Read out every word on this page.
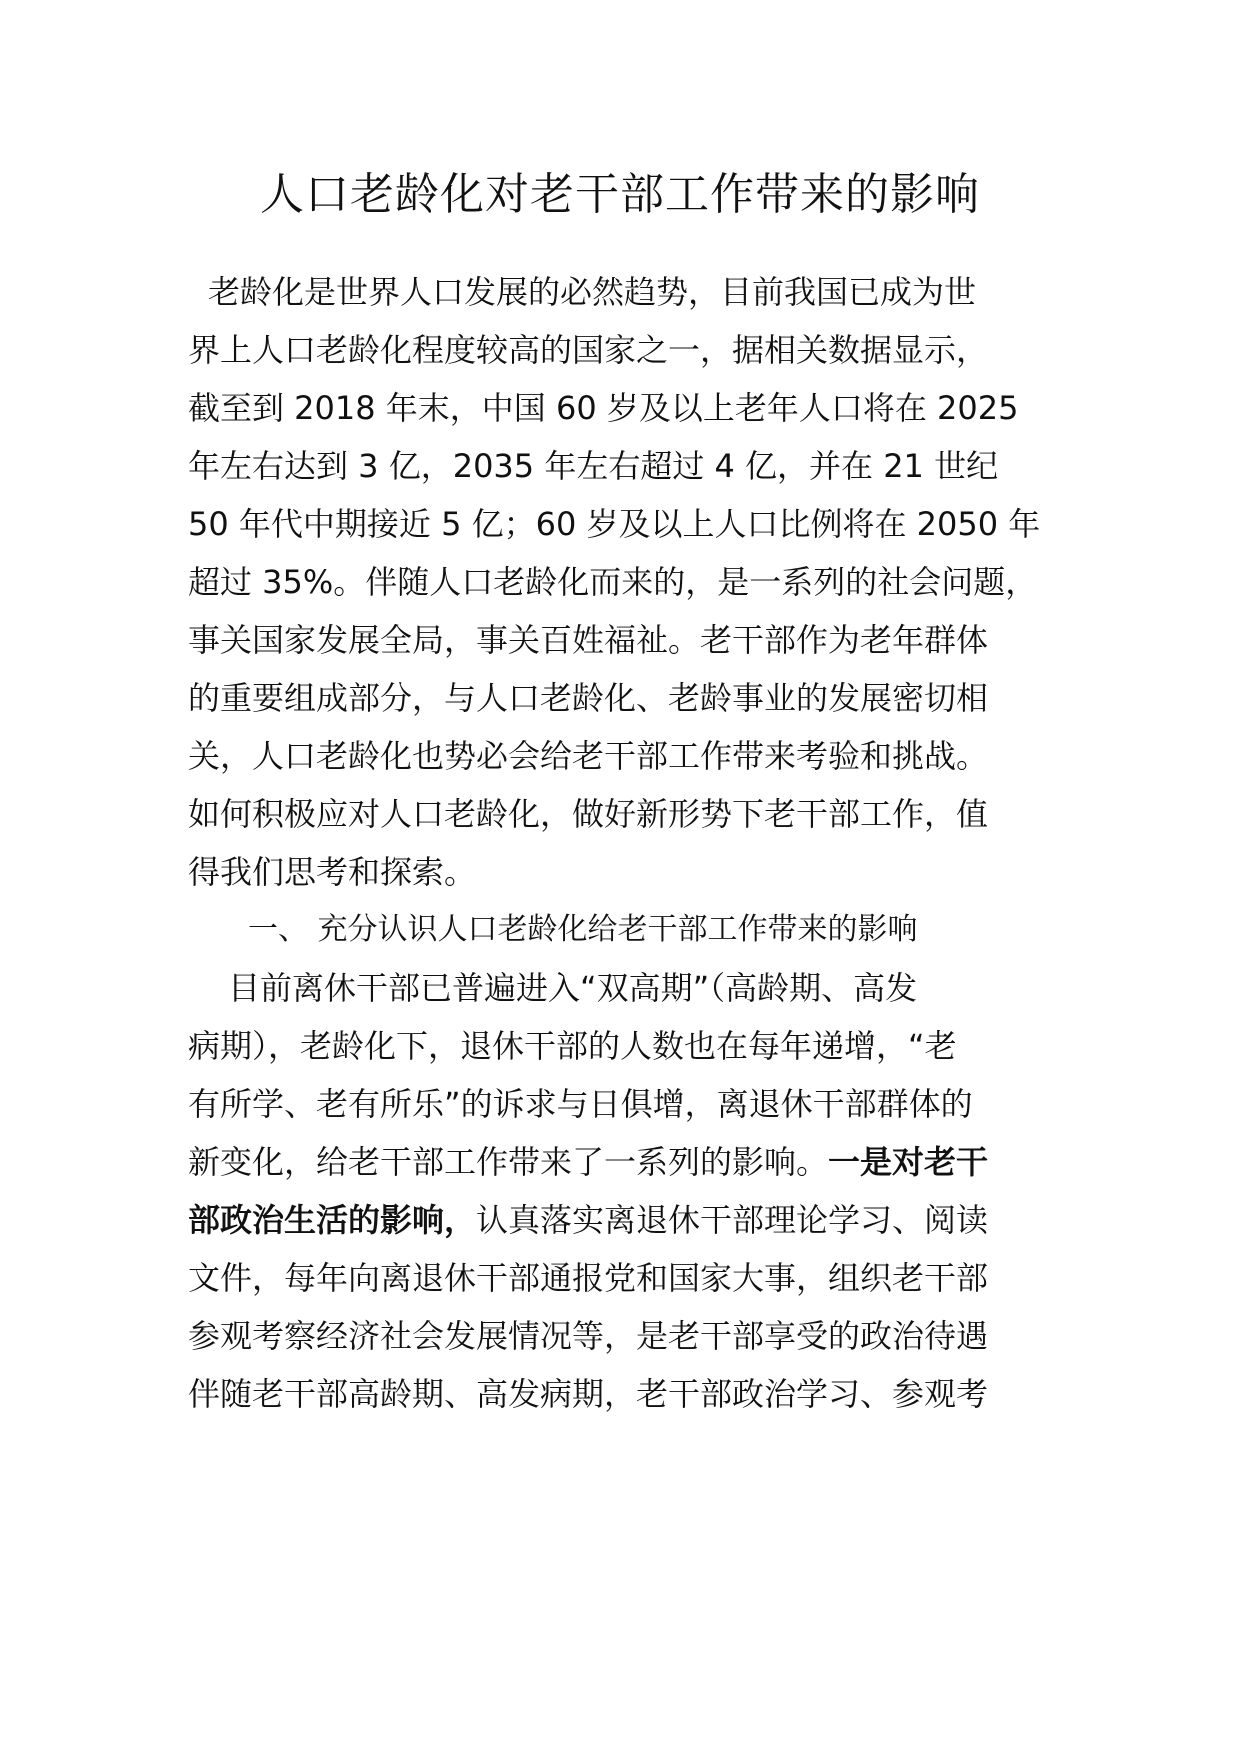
人口老龄化对老干部工作带来的影响
老龄化是世界人口发展的必然趋势，目前我国已成为世
界上人口老龄化程度较高的国家之一，据相关数据显示，
截至到 2018 年末，中国 60 岁及以上老年人口将在 2025
年左右达到 3 亿，2035 年左右超过 4 亿，并在 21 世纪
50 年代中期接近 5 亿；60 岁及以上人口比例将在 2050 年
超过 35%。伴随人口老龄化而来的，是一系列的社会问题，
事关国家发展全局，事关百姓福祉。老干部作为老年群体
的重要组成部分，与人口老龄化、老龄事业的发展密切相
关，人口老龄化也势必会给老干部工作带来考验和挑战。
如何积极应对人口老龄化，做好新形势下老干部工作，值
得我们思考和探索。
一、 充分认识人口老龄化给老干部工作带来的影响
目前离休干部已普遍进入“双高期”（高龄期、高发
病期），老龄化下，退休干部的人数也在每年递增，“老
有所学、老有所乐”的诉求与日俱增，离退休干部群体的
新变化，给老干部工作带来了一系列的影响。一是对老干
部政治生活的影响，认真落实离退休干部理论学习、阅读
文件，每年向离退休干部通报党和国家大事，组织老干部
参观考察经济社会发展情况等，是老干部享受的政治待遇
伴随老干部高龄期、高发病期，老干部政治学习、参观考
